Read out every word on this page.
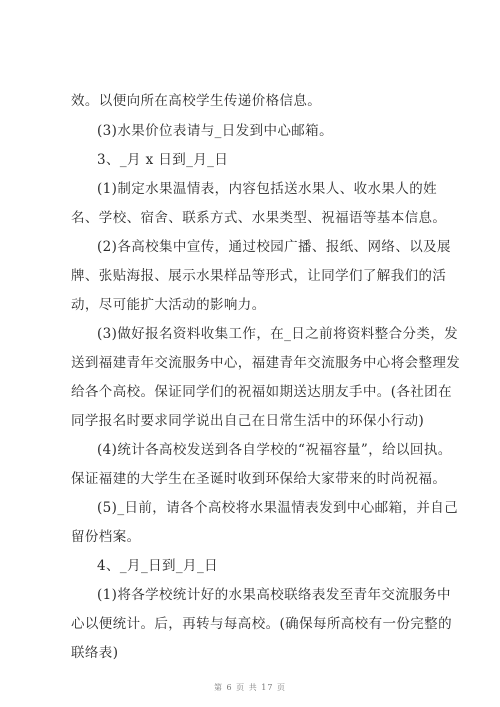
效。以便向所在高校学生传递价格信息。
(3)水果价位表请与_日发到中心邮箱。
3、_月 x 日到_月_日
(1)制定水果温情表，内容包括送水果人、收水果人的姓
名、学校、宿舍、联系方式、水果类型、祝福语等基本信息。
(2)各高校集中宣传，通过校园广播、报纸、网络、以及展
牌、张贴海报、展示水果样品等形式，让同学们了解我们的活
动，尽可能扩大活动的影响力。
(3)做好报名资料收集工作，在_日之前将资料整合分类，发
送到福建青年交流服务中心，福建青年交流服务中心将会整理发
给各个高校。保证同学们的祝福如期送达朋友手中。(各社团在
同学报名时要求同学说出自己在日常生活中的环保小行动)
(4)统计各高校发送到各自学校的“祝福容量”，给以回执。
保证福建的大学生在圣诞时收到环保给大家带来的时尚祝福。
(5)_日前，请各个高校将水果温情表发到中心邮箱，并自己
留份档案。
4、_月_日到_月_日
(1)将各学校统计好的水果高校联络表发至青年交流服务中
心以便统计。后，再转与每高校。(确保每所高校有一份完整的
联络表)
第 6 页 共 17 页
